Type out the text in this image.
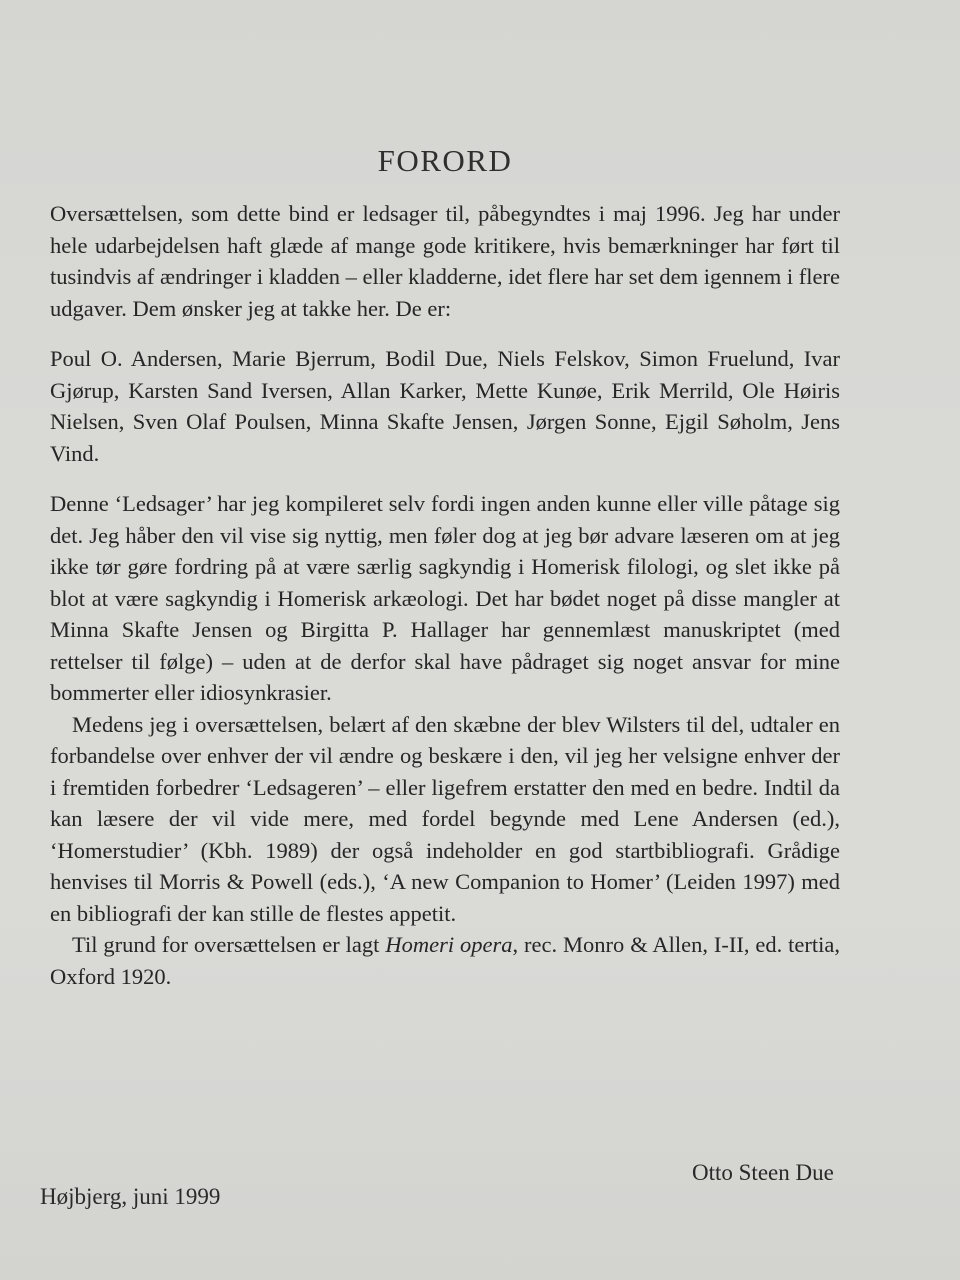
FORORD

Oversættelsen, som dette bind er ledsager til, påbegyndtes i maj 1996. Jeg har under hele udarbejdelsen haft glæde af mange gode kritikere, hvis bemærkninger har ført til tusindvis af ændringer i kladden – eller kladderne, idet flere har set dem igennem i flere udgaver. Dem ønsker jeg at takke her. De er:

Poul O. Andersen, Marie Bjerrum, Bodil Due, Niels Felskov, Simon Fruelund, Ivar Gjørup, Karsten Sand Iversen, Allan Karker, Mette Kunøe, Erik Merrild, Ole Høiris Nielsen, Sven Olaf Poulsen, Minna Skafte Jensen, Jørgen Sonne, Ejgil Søholm, Jens Vind.

Denne ‘Ledsager’ har jeg kompileret selv fordi ingen anden kunne eller ville påtage sig det. Jeg håber den vil vise sig nyttig, men føler dog at jeg bør advare læseren om at jeg ikke tør gøre fordring på at være særlig sagkyndig i Homerisk filologi, og slet ikke på blot at være sagkyndig i Homerisk arkæologi. Det har bødet noget på disse mangler at Minna Skafte Jensen og Birgitta P. Hallager har gennemlæst manuskriptet (med rettelser til følge) – uden at de derfor skal have pådraget sig noget ansvar for mine bommerter eller idiosynkrasier.

Medens jeg i oversættelsen, belært af den skæbne der blev Wilsters til del, udtaler en forbandelse over enhver der vil ændre og beskære i den, vil jeg her velsigne enhver der i fremtiden forbedrer ‘Ledsageren’ – eller ligefrem erstatter den med en bedre. Indtil da kan læsere der vil vide mere, med fordel begynde med Lene Andersen (ed.), ‘Homerstudier’ (Kbh. 1989) der også indeholder en god startbibliografi. Grådige henvises til Morris & Powell (eds.), ‘A new Companion to Homer’ (Leiden 1997) med en bibliografi der kan stille de flestes appetit.

Til grund for oversættelsen er lagt Homeri opera, rec. Monro & Allen, I-II, ed. tertia, Oxford 1920.

Otto Steen Due
Højbjerg, juni 1999
